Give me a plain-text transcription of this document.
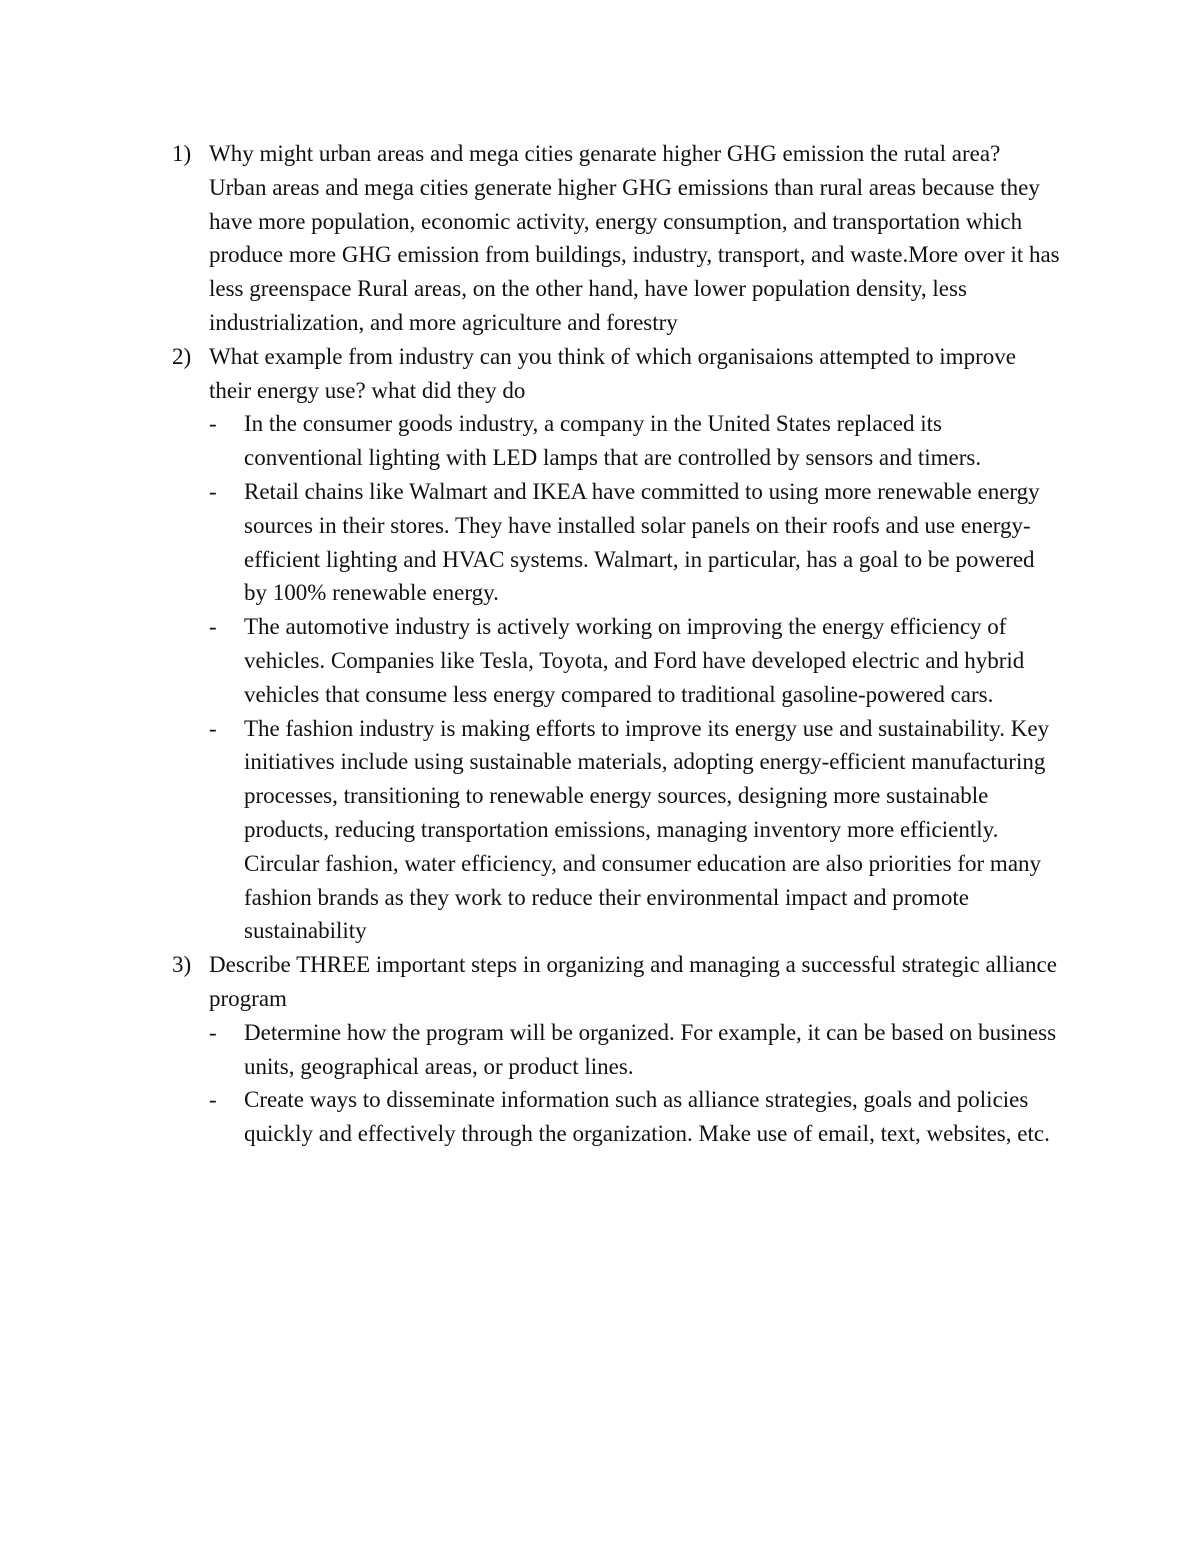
1) Why might urban areas and mega cities genarate higher GHG emission the rutal area?
Urban areas and mega cities generate higher GHG emissions than rural areas because they have more population, economic activity, energy consumption, and transportation which produce more GHG emission from buildings, industry, transport, and waste.More over it has less greenspace Rural areas, on the other hand, have lower population density, less industrialization, and more agriculture and forestry
2) What example from industry can you think of which organisaions attempted to improve their energy use? what did they do
- In the consumer goods industry, a company in the United States replaced its conventional lighting with LED lamps that are controlled by sensors and timers.
- Retail chains like Walmart and IKEA have committed to using more renewable energy sources in their stores. They have installed solar panels on their roofs and use energy-efficient lighting and HVAC systems. Walmart, in particular, has a goal to be powered by 100% renewable energy.
- The automotive industry is actively working on improving the energy efficiency of vehicles. Companies like Tesla, Toyota, and Ford have developed electric and hybrid vehicles that consume less energy compared to traditional gasoline-powered cars.
- The fashion industry is making efforts to improve its energy use and sustainability. Key initiatives include using sustainable materials, adopting energy-efficient manufacturing processes, transitioning to renewable energy sources, designing more sustainable products, reducing transportation emissions, managing inventory more efficiently. Circular fashion, water efficiency, and consumer education are also priorities for many fashion brands as they work to reduce their environmental impact and promote sustainability
3) Describe THREE important steps in organizing and managing a successful strategic alliance program
- Determine how the program will be organized. For example, it can be based on business units, geographical areas, or product lines.
- Create ways to disseminate information such as alliance strategies, goals and policies quickly and effectively through the organization. Make use of email, text, websites, etc.
